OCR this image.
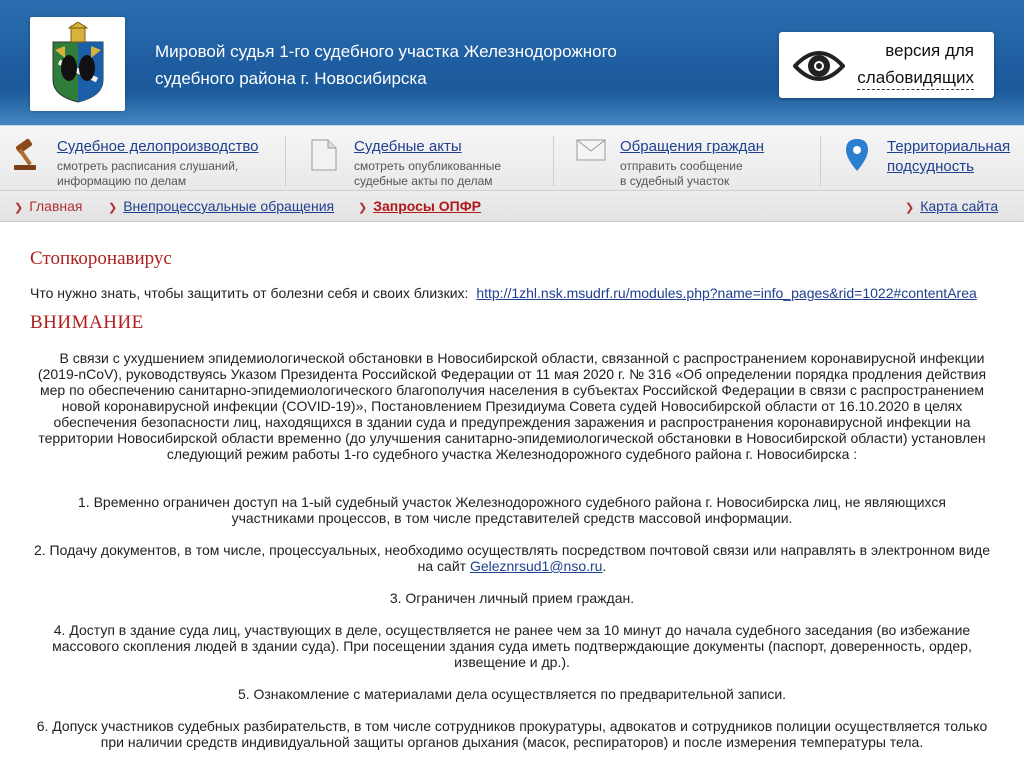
Мировой судья 1-го судебного участка Железнодорожного
судебного района г. Новосибирска
версия для
слабовидящих
Судебное делопроизводство
смотреть расписания слушаний,
информацию по делам
Судебные акты
смотреть опубликованные
судебные акты по делам
Обращения граждан
отправить сообщение
в судебный участок
Территориальная
подсудность
❯ Главная ❯ Внепроцессуальные обращения ❯ Запросы ОПФР	❯ Карта сайта
Стопкоронавирус
Что нужно знать, чтобы защитить от болезни себя и своих близких: http://1zhl.nsk.msudrf.ru/modules.php?name=info_pages&rid=1022#contentArea
ВНИМАНИЕ
В связи с ухудшением эпидемиологической обстановки в Новосибирской области, связанной с распространением коронавирусной инфекции
(2019-nCoV), руководствуясь Указом Президента Российской Федерации от 11 мая 2020 г. № 316 «Об определении порядка продления действия
мер по обеспечению санитарно-эпидемиологического благополучия населения в субъектах Российской Федерации в связи с распространением
новой коронавирусной инфекции (COVID-19)», Постановлением Президиума Совета судей Новосибирской области от 16.10.2020 в целях
обеспечения безопасности лиц, находящихся в здании суда и предупреждения заражения и распространения коронавирусной инфекции на
территории Новосибирской области временно (до улучшения санитарно-эпидемиологической обстановки в Новосибирской области) установлен
следующий режим работы 1-го судебного участка Железнодорожного судебного района г. Новосибирска :
1. Временно ограничен доступ на 1-ый судебный участок Железнодорожного судебного района г. Новосибирска лиц, не являющихся
участниками процессов, в том числе представителей средств массовой информации.
2. Подачу документов, в том числе, процессуальных, необходимо осуществлять посредством почтовой связи или направлять в электронном виде
на сайт Geleznrsud1@nso.ru.
3. Ограничен личный прием граждан.
4. Доступ в здание суда лиц, участвующих в деле, осуществляется не ранее чем за 10 минут до начала судебного заседания (во избежание
массового скопления людей в здании суда). При посещении здания суда иметь подтверждающие документы (паспорт, доверенность, ордер,
извещение и др.).
5. Ознакомление с материалами дела осуществляется по предварительной записи.
6. Допуск участников судебных разбирательств, в том числе сотрудников прокуратуры, адвокатов и сотрудников полиции осуществляется только
при наличии средств индивидуальной защиты органов дыхания (масок, респираторов) и после измерения температуры тела.
